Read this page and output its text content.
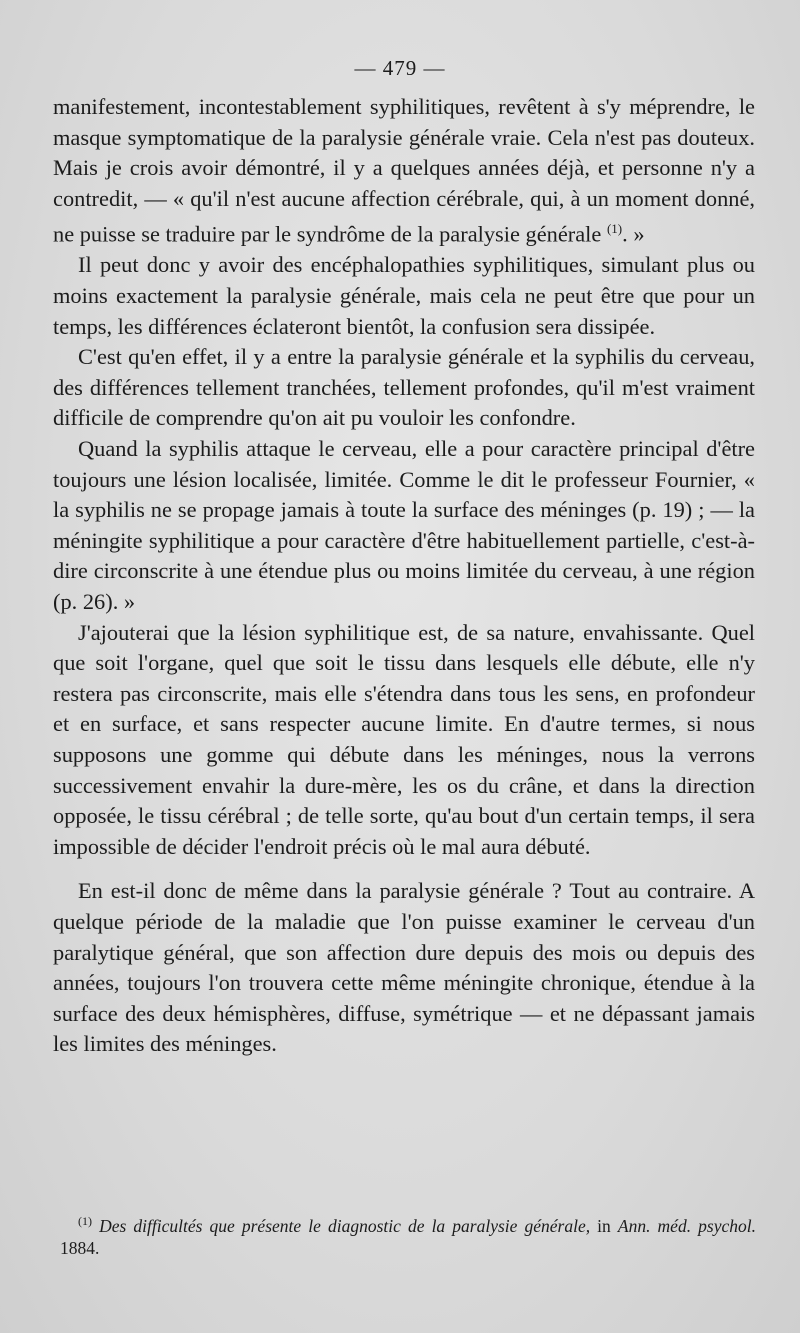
— 479 —

manifestement, incontestablement syphilitiques, revêtent à s'y méprendre, le masque symptomatique de la paralysie générale vraie. Cela n'est pas douteux. Mais je crois avoir démontré, il y a quelques années déjà, et personne n'y a contredit, — « qu'il n'est aucune affection cérébrale, qui, à un moment donné, ne puisse se traduire par le syndrôme de la paralysie générale $^{(1)}$. »

Il peut donc y avoir des encéphalopathies syphilitiques, simulant plus ou moins exactement la paralysie générale, mais cela ne peut être que pour un temps, les différences éclateront bientôt, la confusion sera dissipée.

C'est qu'en effet, il y a entre la paralysie générale et la syphilis du cerveau, des différences tellement tranchées, tellement profondes, qu'il m'est vraiment difficile de comprendre qu'on ait pu vouloir les confondre.

Quand la syphilis attaque le cerveau, elle a pour caractère principal d'être toujours une lésion localisée, limitée. Comme le dit le professeur Fournier, « la syphilis ne se propage jamais à toute la surface des méninges (p. 19) ; — la méningite syphilitique a pour caractère d'être habituellement partielle, c'est-à-dire circonscrite à une étendue plus ou moins limitée du cerveau, à une région (p. 26). »

J'ajouterai que la lésion syphilitique est, de sa nature, envahissante. Quel que soit l'organe, quel que soit le tissu dans lesquels elle débute, elle n'y restera pas circonscrite, mais elle s'étendra dans tous les sens, en profondeur et en surface, et sans respecter aucune limite. En d'autre termes, si nous supposons une gomme qui débute dans les méninges, nous la verrons successivement envahir la dure-mère, les os du crâne, et dans la direction opposée, le tissu cérébral ; de telle sorte, qu'au bout d'un certain temps, il sera impossible de décider l'endroit précis où le mal aura débuté.

En est-il donc de même dans la paralysie générale ? Tout au contraire. A quelque période de la maladie que l'on puisse examiner le cerveau d'un paralytique général, que son affection dure depuis des mois ou depuis des années, toujours l'on trouvera cette même méningite chronique, étendue à la surface des deux hémisphères, diffuse, symétrique — et ne dépassant jamais les limites des méninges.

$^{(1)}$ Des difficultés que présente le diagnostic de la paralysie générale, in Ann. méd. psychol. 1884.
